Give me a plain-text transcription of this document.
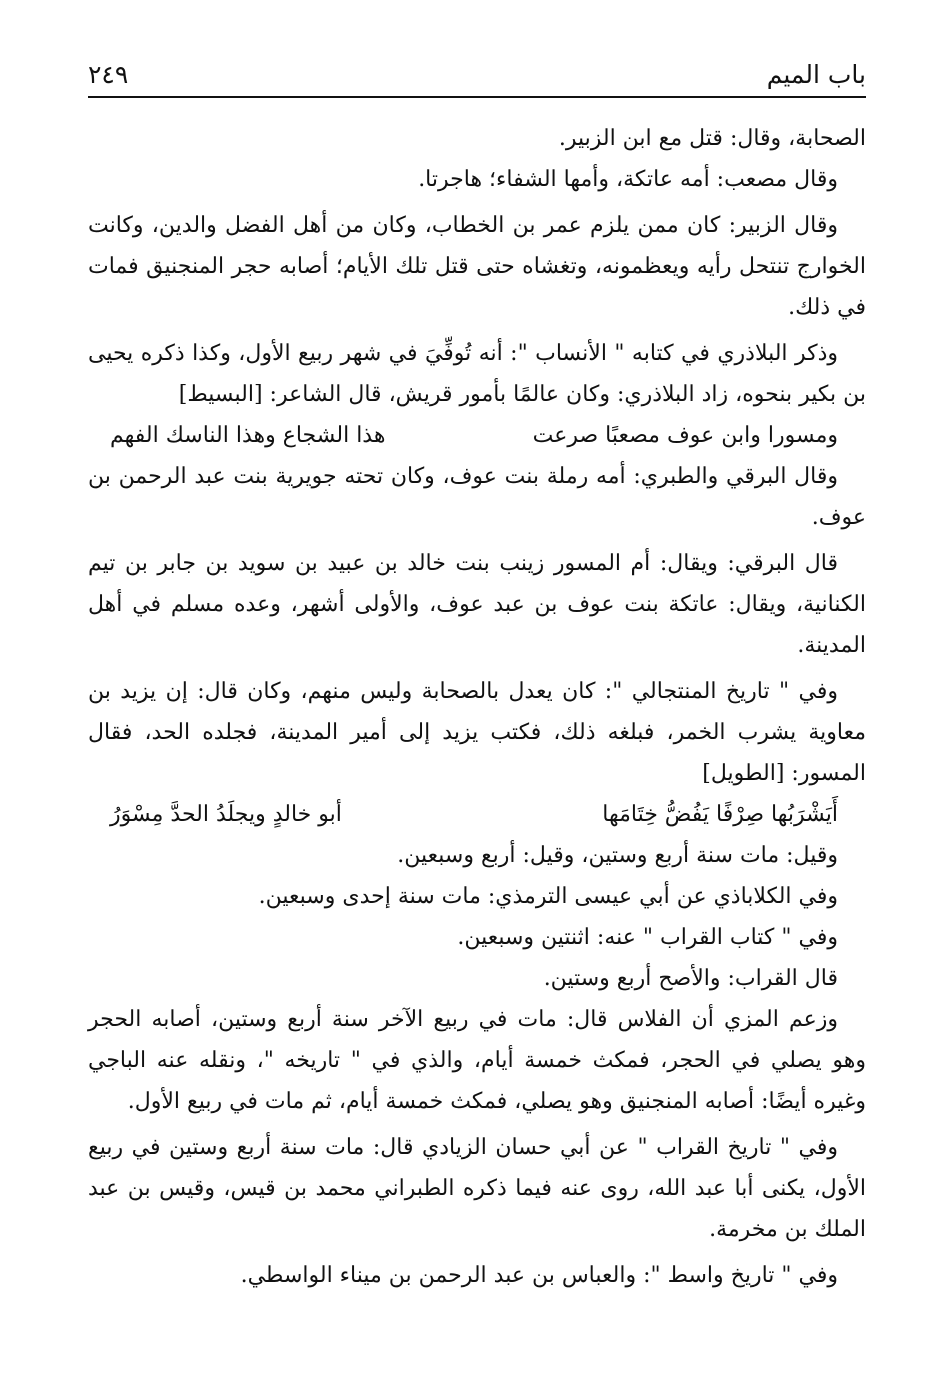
باب الميم
٢٤٩

الصحابة، وقال: قتل مع ابن الزبير.

وقال مصعب: أمه عاتكة، وأمها الشفاء؛ هاجرتا.

وقال الزبير: كان ممن يلزم عمر بن الخطاب، وكان من أهل الفضل والدين، وكانت الخوارج تنتحل رأيه ويعظمونه، وتغشاه حتى قتل تلك الأيام؛ أصابه حجر المنجنيق فمات في ذلك.

وذكر البلاذري في كتابه " الأنساب ": أنه تُوفِّيَ في شهر ربيع الأول، وكذا ذكره يحيى بن بكير بنحوه، زاد البلاذري: وكان عالمًا بأمور قريش، قال الشاعر: [البسيط]

ومسورا وابن عوف مصعبًا صرعت
هذا الشجاع وهذا الناسك الفهم

وقال البرقي والطبري: أمه رملة بنت عوف، وكان تحته جويرية بنت عبد الرحمن بن عوف.

قال البرقي: ويقال: أم المسور زينب بنت خالد بن عبيد بن سويد بن جابر بن تيم الكنانية، ويقال: عاتكة بنت عوف بن عبد عوف، والأولى أشهر، وعده مسلم في أهل المدينة.

وفي " تاريخ المنتجالي ": كان يعدل بالصحابة وليس منهم، وكان قال: إن يزيد بن معاوية يشرب الخمر، فبلغه ذلك، فكتب يزيد إلى أمير المدينة، فجلده الحد، فقال المسور: [الطويل]

أَيَشْرَبُها صِرْفًا يَفُضُّ خِتَامَها
أبو خالدٍ ويجلَدُ الحدَّ مِسْوَرُ

وقيل: مات سنة أربع وستين، وقيل: أربع وسبعين.

وفي الكلاباذي عن أبي عيسى الترمذي: مات سنة إحدى وسبعين.

وفي " كتاب القراب " عنه: اثنتين وسبعين.

قال القراب: والأصح أربع وستين.

وزعم المزي أن الفلاس قال: مات في ربيع الآخر سنة أربع وستين، أصابه الحجر وهو يصلي في الحجر، فمكث خمسة أيام، والذي في " تاريخه "، ونقله عنه الباجي وغيره أيضًا: أصابه المنجنيق وهو يصلي، فمكث خمسة أيام، ثم مات في ربيع الأول.

وفي " تاريخ القراب " عن أبي حسان الزيادي قال: مات سنة أربع وستين في ربيع الأول، يكنى أبا عبد الله، روى عنه فيما ذكره الطبراني محمد بن قيس، وقيس بن عبد الملك بن مخرمة.

وفي " تاريخ واسط ": والعباس بن عبد الرحمن بن ميناء الواسطي.
